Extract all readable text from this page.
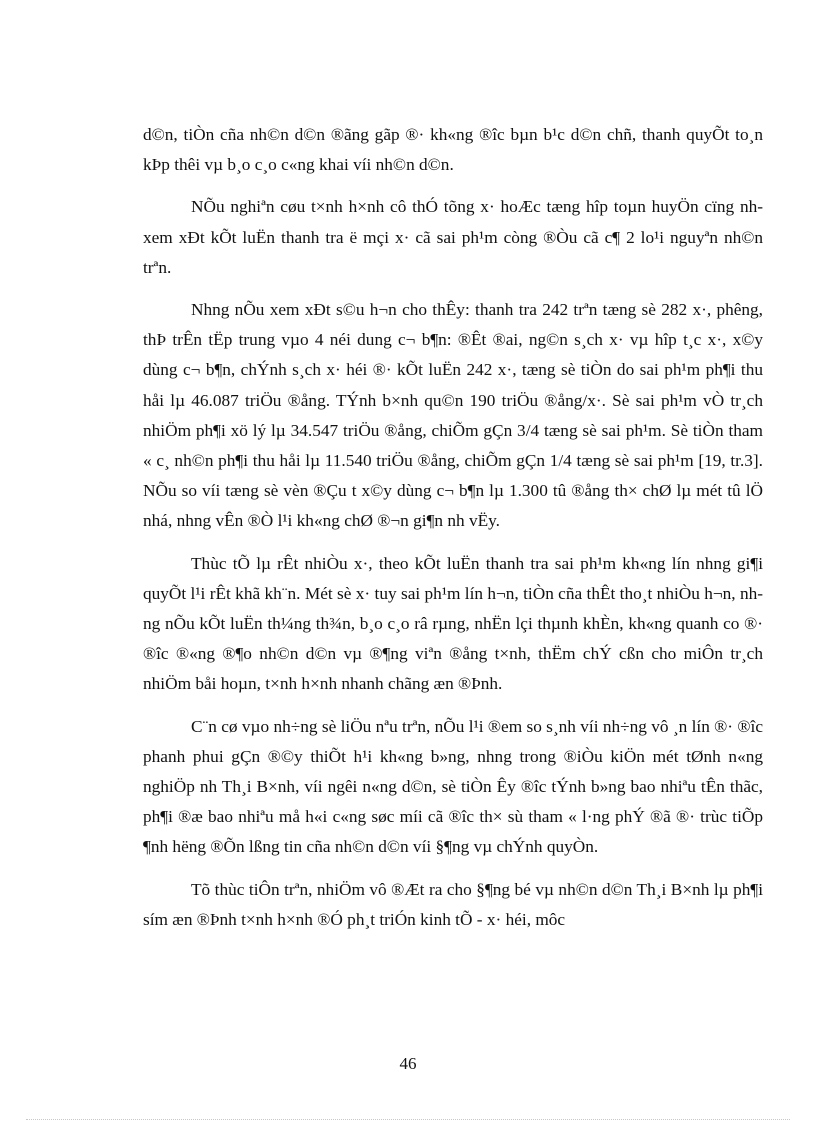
d©n, tiÒn cña nh©n d©n ®ãng gãp ®· kh«ng ®îc bµn b¹c d©n chñ, thanh quyÕt to¸n kÞp thêi vµ b¸o c¸o c«ng khai víi nh©n d©n.

NÕu nghiªn cøu t×nh h×nh cô thÓ tõng x· hoÆc tæng hîp toµn huyÖn cïng nh xem xÐt kÕt luËn thanh tra ë mçi x· cã sai ph¹m còng ®Òu cã c¶ 2 lo¹i nguyªn nh©n trªn.

Nhng nÕu xem xÐt s©u h¬n cho thÊy: thanh tra 242 trªn tæng sè 282 x·, phêng, thÞ trÊn tËp trung vµo 4 néi dung c¬ b¶n: ®Êt ®ai, ng©n s¸ch x· vµ hîp t¸c x·, x©y dùng c¬ b¶n, chÝnh s¸ch x· héi ®· kÕt luËn 242 x·, tæng sè tiÒn do sai ph¹m ph¶i thu håi lµ 46.087 triÖu ®ång. TÝnh b×nh qu©n 190 triÖu ®ång/x·. Sè sai ph¹m vÒ tr¸ch nhiÖm ph¶i xö lý lµ 34.547 triÖu ®ång, chiÕm gÇn 3/4 tæng sè sai ph¹m. Sè tiÒn tham « c¸ nh©n ph¶i thu håi lµ 11.540 triÖu ®ång, chiÕm gÇn 1/4 tæng sè sai ph¹m [19, tr.3]. NÕu so víi tæng sè vèn ®Çu t x©y dùng c¬ b¶n lµ 1.300 tû ®ång th× chØ lµ mét tû lÖ nhá, nhng vÊn ®Ò l¹i kh«ng chØ ®¬n gi¶n nh vËy.

Thùc tÕ lµ rÊt nhiÒu x·, theo kÕt luËn thanh tra sai ph¹m kh«ng lín nhng gi¶i quyÕt l¹i rÊt khã kh¨n. Mét sè x· tuy sai ph¹m lín h¬n, tiÒn cña thÊt tho¸t nhiÒu h¬n, nhng nÕu kÕt luËn th¼ng th¾n, b¸o c¸o râ rµng, nhËn lçi thµnh khÈn, kh«ng quanh co ®· ®îc ®«ng ®¶o nh©n d©n vµ ®¶ng viªn ®ång t×nh, thËm chÝ cßn cho miÔn tr¸ch nhiÖm båi hoµn, t×nh h×nh nhanh chãng æn ®Þnh.

C¨n cø vµo nh÷ng sè liÖu nªu trªn, nÕu l¹i ®em so s¸nh víi nh÷ng vô ¸n lín ®· ®îc phanh phui gÇn ®©y thiÕt h¹i kh«ng b»ng, nhng trong ®iÒu kiÖn mét tØnh n«ng nghiÖp nh Th¸i B×nh, víi ngêi n«ng d©n, sè tiÒn Êy ®îc tÝnh b»ng bao nhiªu tÊn thãc, ph¶i ®æ bao nhiªu må h«i c«ng søc míi cã ®îc th× sù tham « l·ng phÝ ®ã ®· trùc tiÕp ¶nh hëng ®Õn lßng tin cña nh©n d©n víi §¶ng vµ chÝnh quyÒn.

Tõ thùc tiÔn trªn, nhiÖm vô ®Æt ra cho §¶ng bé vµ nh©n d©n Th¸i B×nh lµ ph¶i sím æn ®Þnh t×nh h×nh ®Ó ph¸t triÓn kinh tÕ - x· héi, môc

46
